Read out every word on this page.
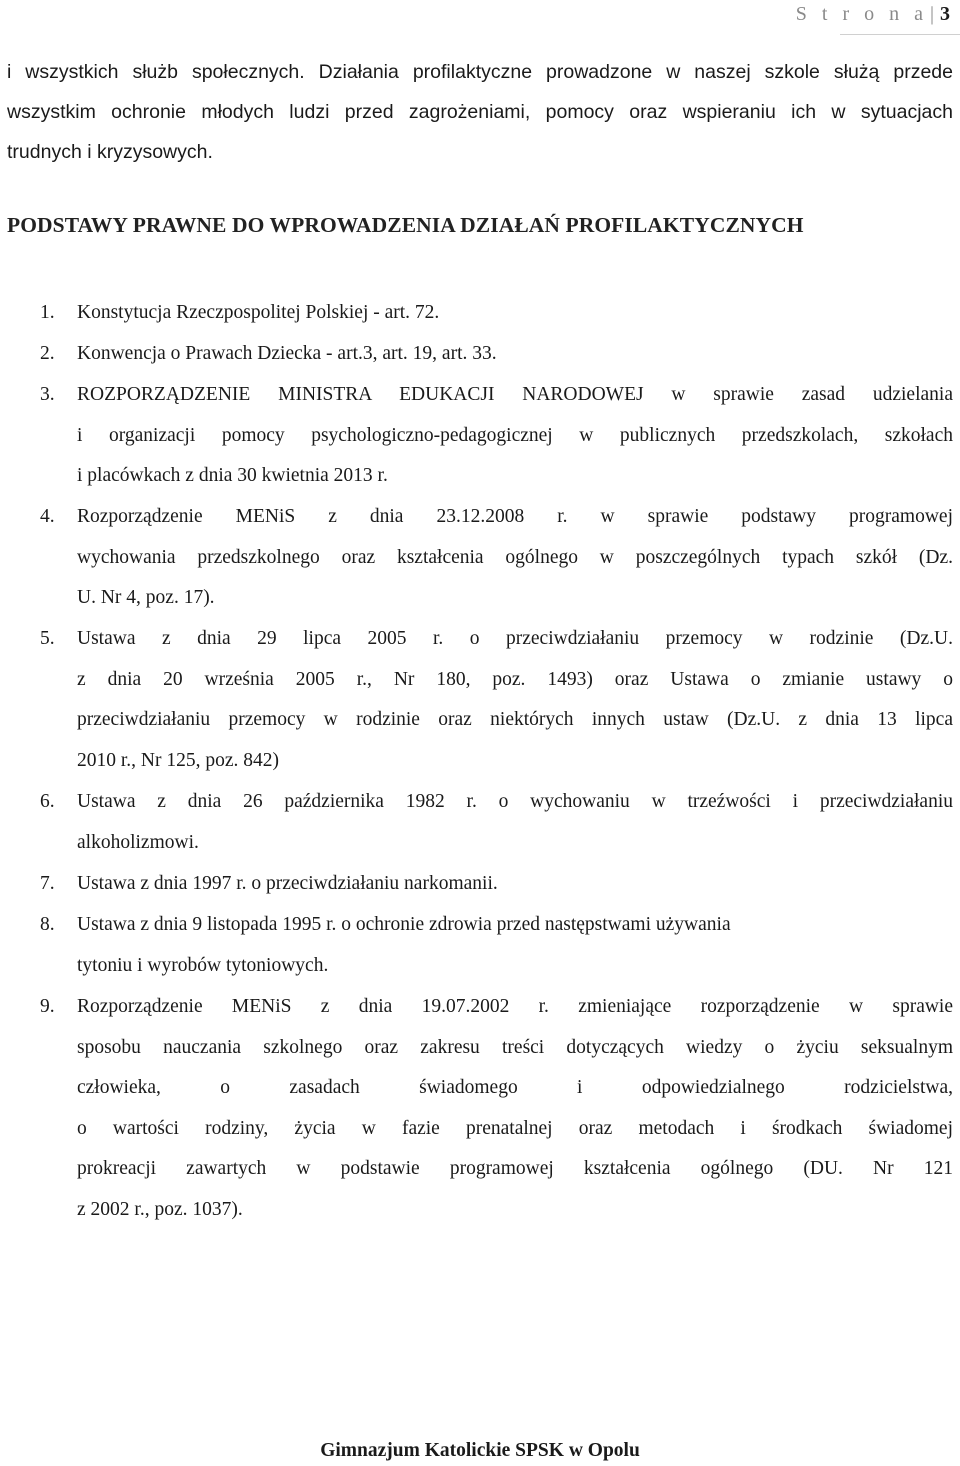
S t r o n a | 3
i wszystkich służb społecznych. Działania profilaktyczne prowadzone w naszej szkole służą przede
wszystkim ochronie młodych ludzi przed zagrożeniami, pomocy oraz wspieraniu ich w sytuacjach
trudnych i kryzysowych.
PODSTAWY PRAWNE DO WPROWADZENIA DZIAŁAŃ PROFILAKTYCZNYCH
1. Konstytucja Rzeczpospolitej Polskiej - art. 72.
2. Konwencja o Prawach Dziecka - art.3, art. 19, art. 33.
3. ROZPORZĄDZENIE MINISTRA EDUKACJI NARODOWEJ w sprawie zasad udzielania
i organizacji pomocy psychologiczno-pedagogicznej w publicznych przedszkolach, szkołach
i placówkach z dnia 30 kwietnia 2013 r.
4. Rozporządzenie MENiS z dnia 23.12.2008 r. w sprawie podstawy programowej
wychowania przedszkolnego oraz kształcenia ogólnego w poszczególnych typach szkół (Dz.
U. Nr 4, poz. 17).
5. Ustawa z dnia 29 lipca 2005 r. o przeciwdziałaniu przemocy w rodzinie (Dz.U.
z dnia 20 września 2005 r., Nr 180, poz. 1493) oraz Ustawa o zmianie ustawy o
przeciwdziałaniu przemocy w rodzinie oraz niektórych innych ustaw (Dz.U. z dnia 13 lipca
2010 r., Nr 125, poz. 842)
6. Ustawa z dnia 26 października 1982 r. o wychowaniu w trzeźwości i przeciwdziałaniu
alkoholizmowi.
7. Ustawa z dnia 1997 r. o przeciwdziałaniu narkomanii.
8. Ustawa z dnia 9 listopada 1995 r. o ochronie zdrowia przed następstwami używania
tytoniu i wyrobów tytoniowych.
9. Rozporządzenie MENiS z dnia 19.07.2002 r. zmieniające rozporządzenie w sprawie
sposobu nauczania szkolnego oraz zakresu treści dotyczących wiedzy o życiu seksualnym
człowieka, o zasadach świadomego i odpowiedzialnego rodzicielstwa,
o wartości rodziny, życia w fazie prenatalnej oraz metodach i środkach świadomej
prokreacji zawartych w podstawie programowej kształcenia ogólnego (DU. Nr 121
z 2002 r., poz. 1037).
Gimnazjum Katolickie SPSK w Opolu
